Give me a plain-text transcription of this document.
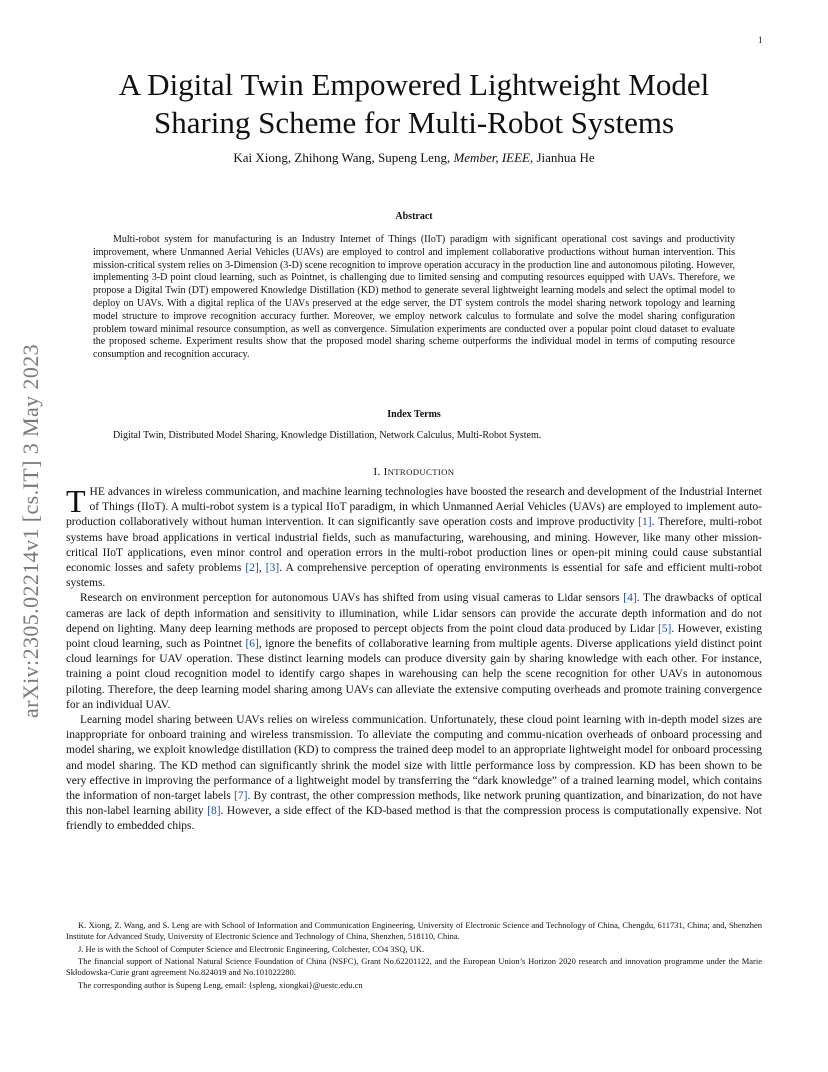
1
arXiv:2305.02214v1 [cs.IT] 3 May 2023
A Digital Twin Empowered Lightweight Model
Sharing Scheme for Multi-Robot Systems
Kai Xiong, Zhihong Wang, Supeng Leng, Member, IEEE, Jianhua He
Abstract

Multi-robot system for manufacturing is an Industry Internet of Things (IIoT) paradigm with significant operational cost savings and productivity improvement, where Unmanned Aerial Vehicles (UAVs) are employed to control and implement collaborative productions without human intervention. This mission-critical system relies on 3-Dimension (3-D) scene recognition to improve operation accuracy in the production line and autonomous piloting. However, implementing 3-D point cloud learning, such as Pointnet, is challenging due to limited sensing and computing resources equipped with UAVs. Therefore, we propose a Digital Twin (DT) empowered Knowledge Distillation (KD) method to generate several lightweight learning models and select the optimal model to deploy on UAVs. With a digital replica of the UAVs preserved at the edge server, the DT system controls the model sharing network topology and learning model structure to improve recognition accuracy further. Moreover, we employ network calculus to formulate and solve the model sharing configuration problem toward minimal resource consumption, as well as convergence. Simulation experiments are conducted over a popular point cloud dataset to evaluate the proposed scheme. Experiment results show that the proposed model sharing scheme outperforms the individual model in terms of computing resource consumption and recognition accuracy.

Index Terms

Digital Twin, Distributed Model Sharing, Knowledge Distillation, Network Calculus, Multi-Robot System.

I. INTRODUCTION

THE advances in wireless communication, and machine learning technologies have boosted the research and development of the Industrial Internet of Things (IIoT). A multi-robot system is a typical IIoT paradigm, in which Unmanned Aerial Vehicles (UAVs) are employed to implement auto-production collaboratively without human intervention. It can significantly save operation costs and improve productivity [1]. Therefore, multi-robot systems have broad applications in vertical industrial fields, such as manufacturing, warehousing, and mining. However, like many other mission-critical IIoT applications, even minor control and operation errors in the multi-robot production lines or open-pit mining could cause substantial economic losses and safety problems [2], [3]. A comprehensive perception of operating environments is essential for safe and efficient multi-robot systems.

Research on environment perception for autonomous UAVs has shifted from using visual cameras to Lidar sensors [4]. The drawbacks of optical cameras are lack of depth information and sensitivity to illumination, while Lidar sensors can provide the accurate depth information and do not depend on lighting. Many deep learning methods are proposed to percept objects from the point cloud data produced by Lidar [5]. However, existing point cloud learning, such as Pointnet [6], ignore the benefits of collaborative learning from multiple agents. Diverse applications yield distinct point cloud learnings for UAV operation. These distinct learning models can produce diversity gain by sharing knowledge with each other. For instance, training a point cloud recognition model to identify cargo shapes in warehousing can help the scene recognition for other UAVs in autonomous piloting. Therefore, the deep learning model sharing among UAVs can alleviate the extensive computing overheads and promote training convergence for an individual UAV.

Learning model sharing between UAVs relies on wireless communication. Unfortunately, these cloud point learning with in-depth model sizes are inappropriate for onboard training and wireless transmission. To alleviate the computing and commu-nication overheads of onboard processing and model sharing, we exploit knowledge distillation (KD) to compress the trained deep model to an appropriate lightweight model for onboard processing and model sharing. The KD method can significantly shrink the model size with little performance loss by compression. KD has been shown to be very effective in improving the performance of a lightweight model by transferring the “dark knowledge” of a trained learning model, which contains the information of non-target labels [7]. By contrast, the other compression methods, like network pruning quantization, and binarization, do not have this non-label learning ability [8]. However, a side effect of the KD-based method is that the compression process is computationally expensive. Not friendly to embedded chips.

K. Xiong, Z. Wang, and S. Leng are with School of Information and Communication Engineering, University of Electronic Science and Technology of China, Chengdu, 611731, China; and, Shenzhen Institute for Advanced Study, University of Electronic Science and Technology of China, Shenzhen, 518110, China.

J. He is with the School of Computer Science and Electronic Engineering, Colchester, CO4 3SQ, UK.

The financial support of National Natural Science Foundation of China (NSFC), Grant No.62201122, and the European Union’s Horizon 2020 research and innovation programme under the Marie Skłodowska-Curie grant agreement No.824019 and No.101022280.

The corresponding author is Supeng Leng, email: {spleng, xiongkai}@uestc.edu.cn
